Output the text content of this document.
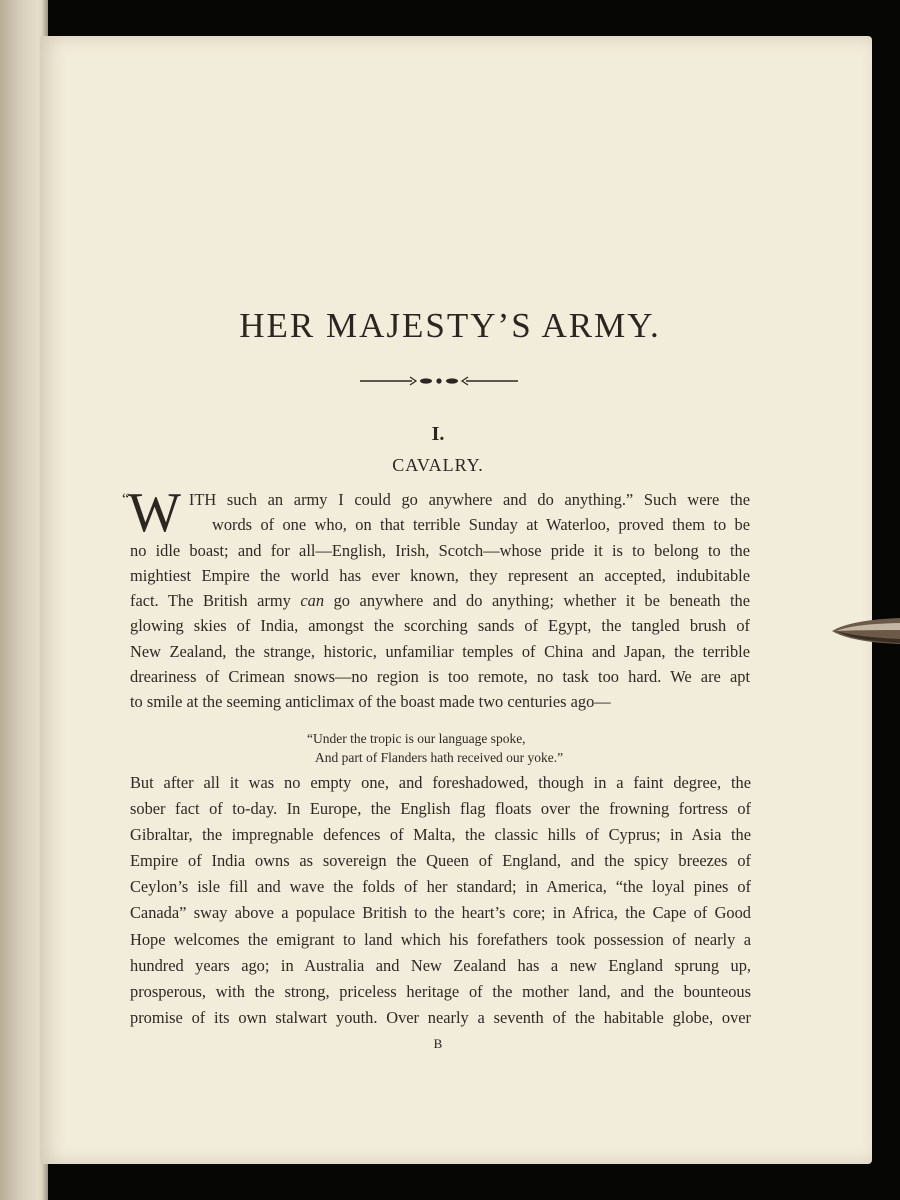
HER MAJESTY’S ARMY.
I.
CAVALRY.
“
W ITH such an army I could go anywhere and do anything.” Such were the
words of one who, on that terrible Sunday at Waterloo, proved them to be
no idle boast; and for all—English, Irish, Scotch—whose pride it is to belong to the
mightiest Empire the world has ever known, they represent an accepted, indubitable
fact. The British army can go anywhere and do anything; whether it be beneath the
glowing skies of India, amongst the scorching sands of Egypt, the tangled brush of
New Zealand, the strange, historic, unfamiliar temples of China and Japan, the terrible
dreariness of Crimean snows—no region is too remote, no task too hard. We are apt
to smile at the seeming anticlimax of the boast made two centuries ago—
“Under the tropic is our language spoke,
And part of Flanders hath received our yoke.”
But after all it was no empty one, and foreshadowed, though in a faint degree, the
sober fact of to-day. In Europe, the English flag floats over the frowning fortress of
Gibraltar, the impregnable defences of Malta, the classic hills of Cyprus; in Asia the
Empire of India owns as sovereign the Queen of England, and the spicy breezes of
Ceylon’s isle fill and wave the folds of her standard; in America, “the loyal pines of
Canada” sway above a populace British to the heart’s core; in Africa, the Cape of Good
Hope welcomes the emigrant to land which his forefathers took possession of nearly a
hundred years ago; in Australia and New Zealand has a new England sprung up,
prosperous, with the strong, priceless heritage of the mother land, and the bounteous
promise of its own stalwart youth. Over nearly a seventh of the habitable globe, over
B
